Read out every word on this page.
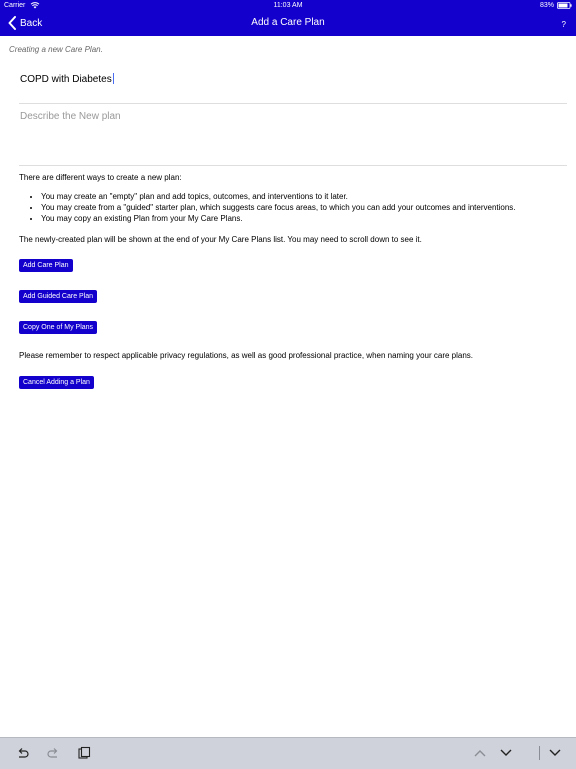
Carrier	11:03 AM	83%
Back	Add a Care Plan	?
Creating a new Care Plan.
COPD with Diabetes
Describe the New plan
There are different ways to create a new plan:
• You may create an "empty" plan and add topics, outcomes, and interventions to it later.
• You may create from a "guided" starter plan, which suggests care focus areas, to which you can add your outcomes and interventions.
• You may copy an existing Plan from your My Care Plans.
The newly-created plan will be shown at the end of your My Care Plans list. You may need to scroll down to see it.
Add Care Plan
Add Guided Care Plan
Copy One of My Plans
Please remember to respect applicable privacy regulations, as well as good professional practice, when naming your care plans.
Cancel Adding a Plan
